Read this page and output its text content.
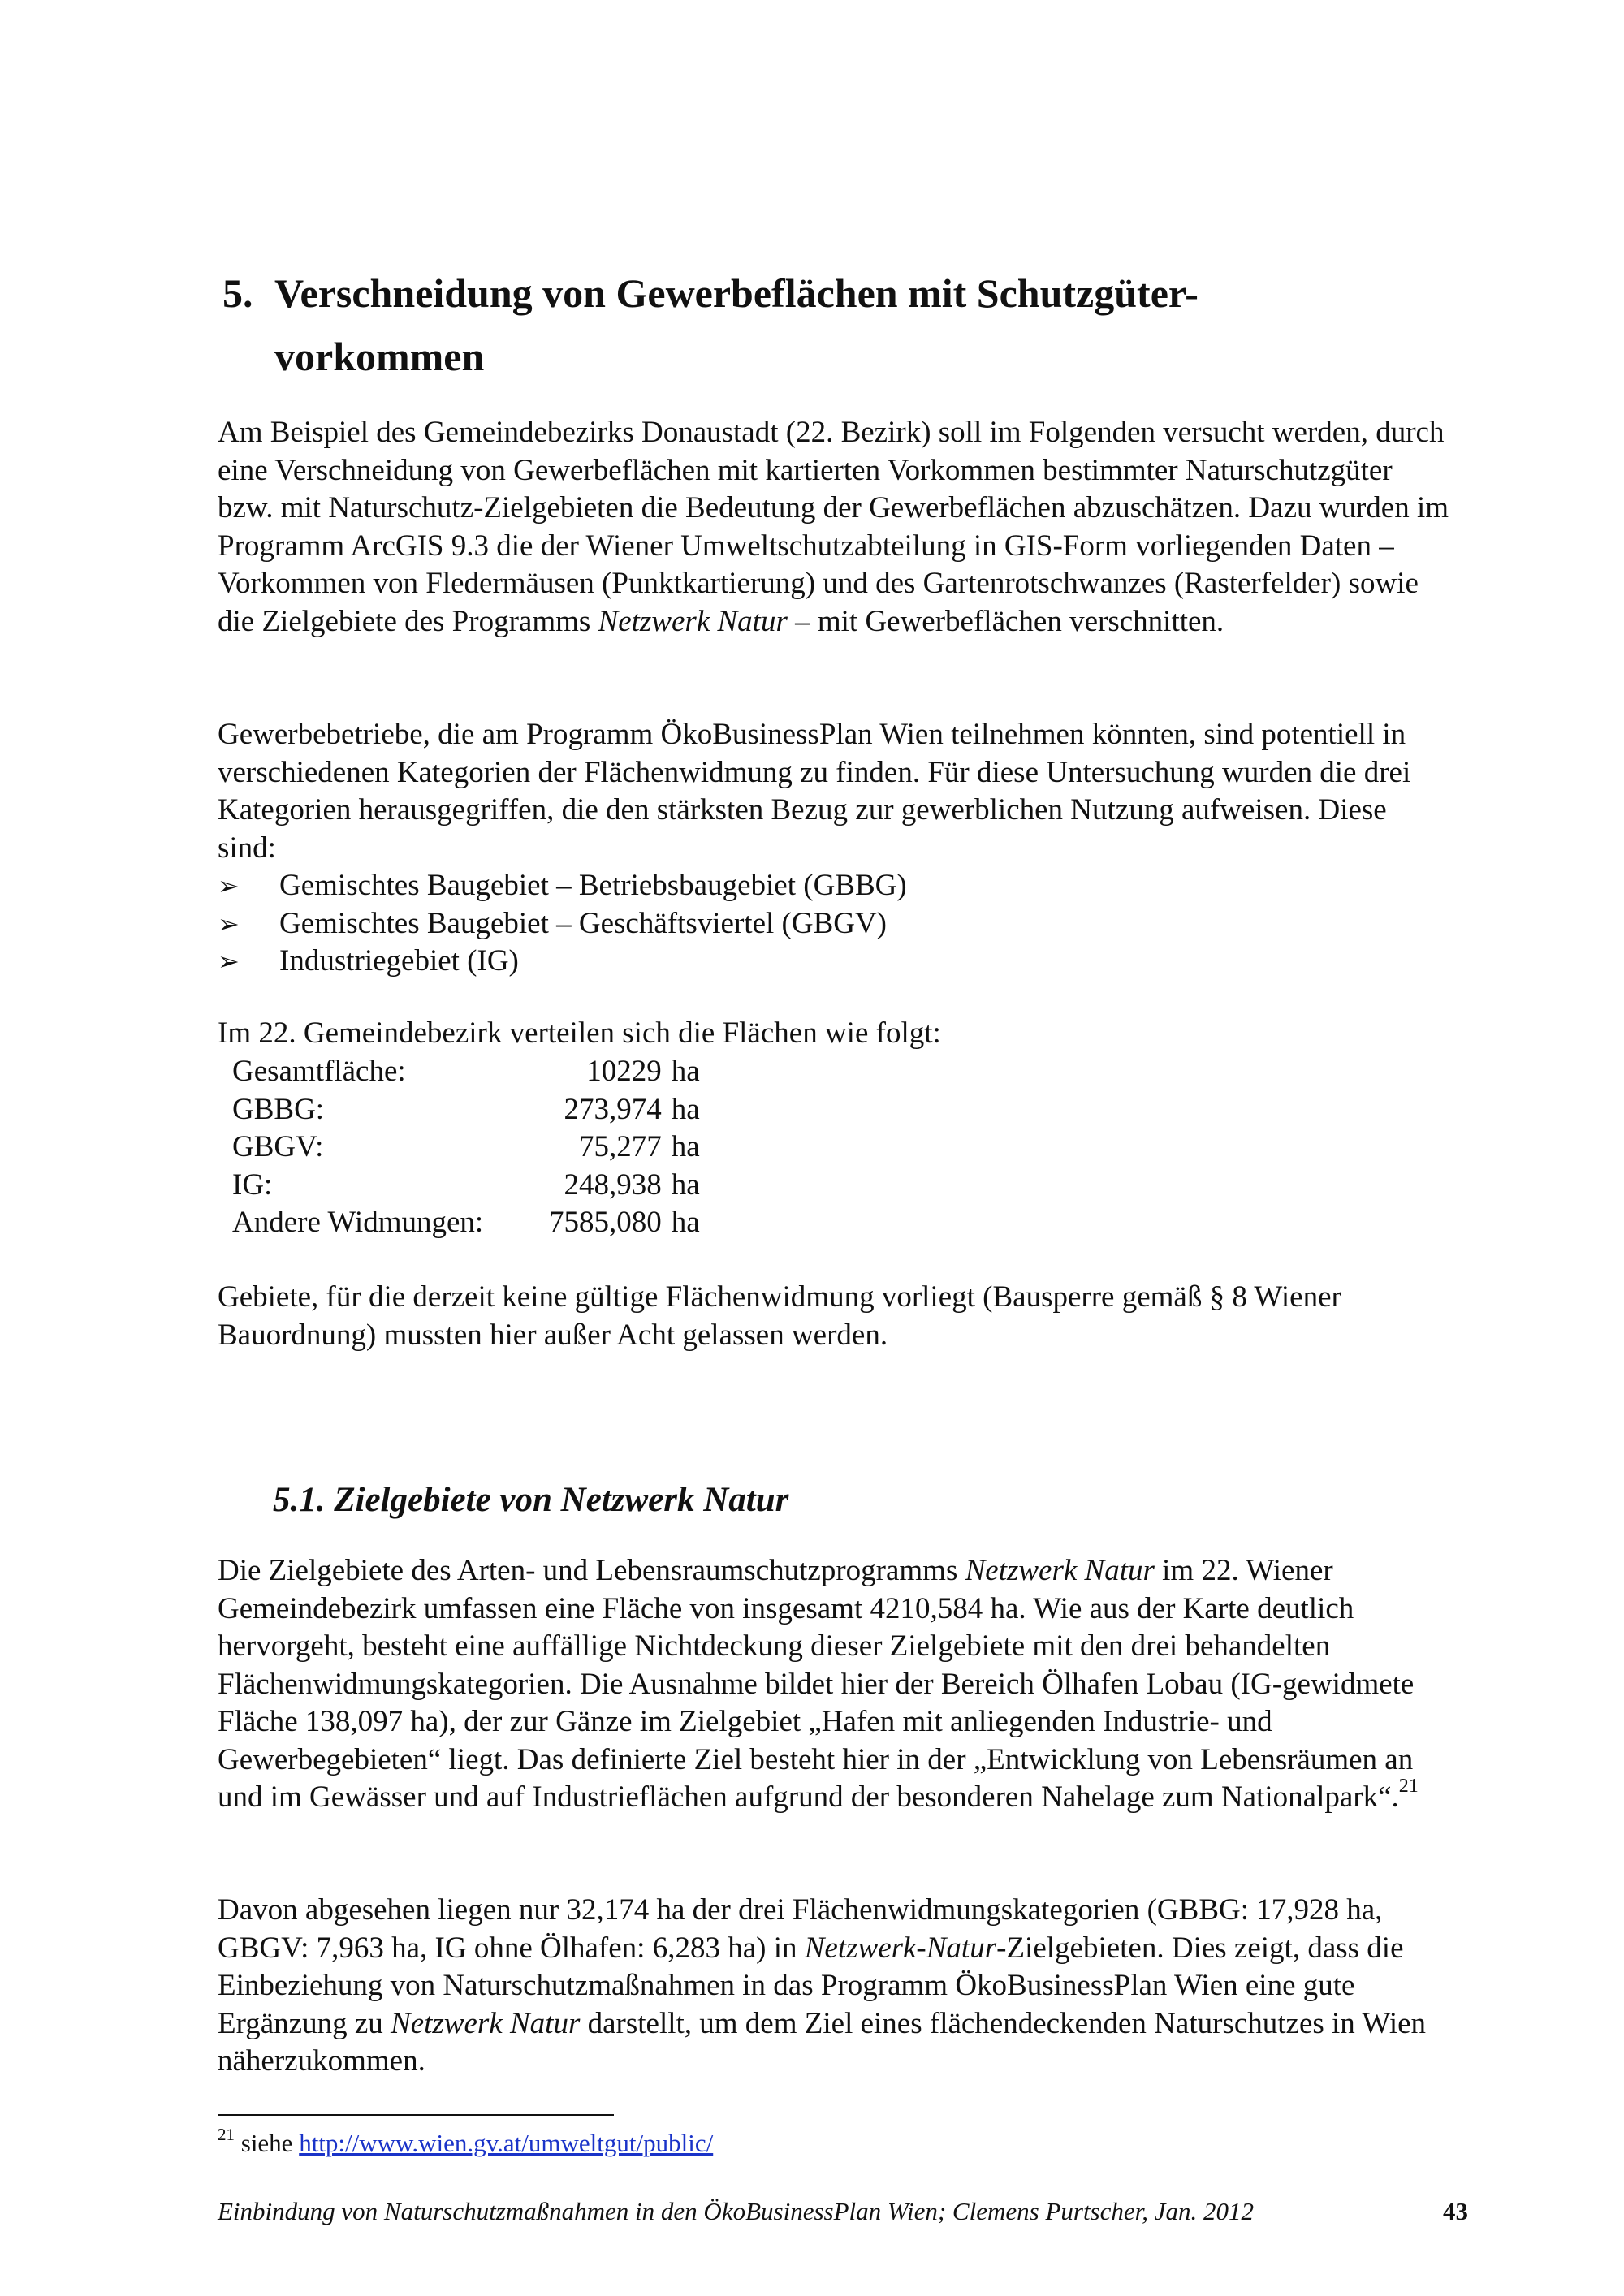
5. Verschneidung von Gewerbeflächen mit Schutzgüter-
vorkommen
Am Beispiel des Gemeindebezirks Donaustadt (22. Bezirk) soll im Folgenden versucht werden, durch eine Verschneidung von Gewerbeflächen mit kartierten Vorkommen bestimmter Naturschutzgüter bzw. mit Naturschutz-Zielgebieten die Bedeutung der Gewerbeflächen abzuschätzen. Dazu wurden im Programm ArcGIS 9.3 die der Wiener Umweltschutzabteilung in GIS-Form vorliegenden Daten – Vorkommen von Fledermäusen (Punktkartierung) und des Gartenrotschwanzes (Rasterfelder) sowie die Zielgebiete des Programms Netzwerk Natur – mit Gewerbeflächen verschnitten.
Gewerbebetriebe, die am Programm ÖkoBusinessPlan Wien teilnehmen könnten, sind potentiell in verschiedenen Kategorien der Flächenwidmung zu finden. Für diese Untersuchung wurden die drei Kategorien herausgegriffen, die den stärksten Bezug zur gewerblichen Nutzung aufweisen. Diese sind:
➢	Gemischtes Baugebiet – Betriebsbaugebiet (GBBG)
➢	Gemischtes Baugebiet – Geschäftsviertel (GBGV)
➢	Industriegebiet (IG)
Im 22. Gemeindebezirk verteilen sich die Flächen wie folgt:
Gesamtfläche:	10229	ha
GBBG:	273,974	ha
GBGV:	75,277	ha
IG:	248,938	ha
Andere Widmungen:	7585,080	ha
Gebiete, für die derzeit keine gültige Flächenwidmung vorliegt (Bausperre gemäß § 8 Wiener Bauordnung) mussten hier außer Acht gelassen werden.
5.1. Zielgebiete von Netzwerk Natur
Die Zielgebiete des Arten- und Lebensraumschutzprogramms Netzwerk Natur im 22. Wiener Gemeindebezirk umfassen eine Fläche von insgesamt 4210,584 ha. Wie aus der Karte deutlich hervorgeht, besteht eine auffällige Nichtdeckung dieser Zielgebiete mit den drei behandelten Flächenwidmungskategorien. Die Ausnahme bildet hier der Bereich Ölhafen Lobau (IG-gewidmete Fläche 138,097 ha), der zur Gänze im Zielgebiet „Hafen mit anliegenden Industrie- und Gewerbegebieten“ liegt. Das definierte Ziel besteht hier in der „Entwicklung von Lebensräumen an und im Gewässer und auf Industrieflächen aufgrund der besonderen Nahelage zum Nationalpark“.$^{21}$
Davon abgesehen liegen nur 32,174 ha der drei Flächenwidmungskategorien (GBBG: 17,928 ha, GBGV: 7,963 ha, IG ohne Ölhafen: 6,283 ha) in Netzwerk-Natur-Zielgebieten. Dies zeigt, dass die Einbeziehung von Naturschutzmaßnahmen in das Programm ÖkoBusinessPlan Wien eine gute Ergänzung zu Netzwerk Natur darstellt, um dem Ziel eines flächendeckenden Naturschutzes in Wien näherzukommen.
$^{21}$ siehe http://www.wien.gv.at/umweltgut/public/
Einbindung von Naturschutzmaßnahmen in den ÖkoBusinessPlan Wien; Clemens Purtscher, Jan. 2012	43
